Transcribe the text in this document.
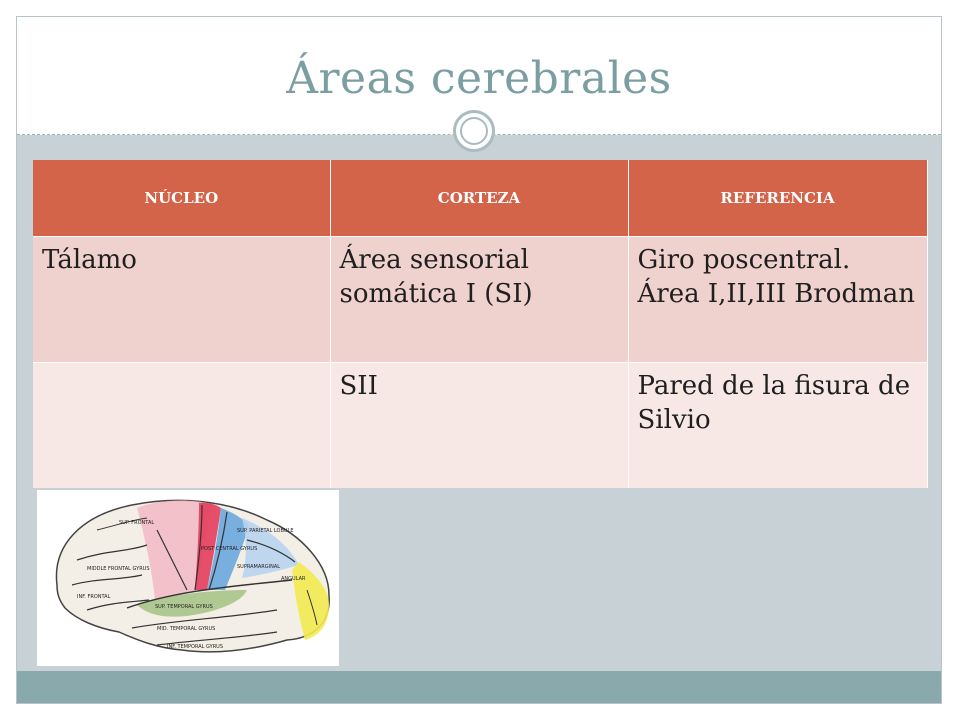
Áreas cerebrales
NÚCLEO	CORTEZA	REFERENCIA
Tálamo	Área sensorial somática I (SI)	Giro poscentral. Área I,II,III Brodman
	SII	Pared de la fisura de Silvio
SUP. FRONTAL
MIDDLE FRONTAL GYRUS
INF. FRONTAL
POST CENTRAL GYRUS
SUP. PARIETAL LOBULE
SUPRAMARGINAL
ANGULAR
SUP. TEMPORAL GYRUS
MID. TEMPORAL GYRUS
INF. TEMPORAL GYRUS
